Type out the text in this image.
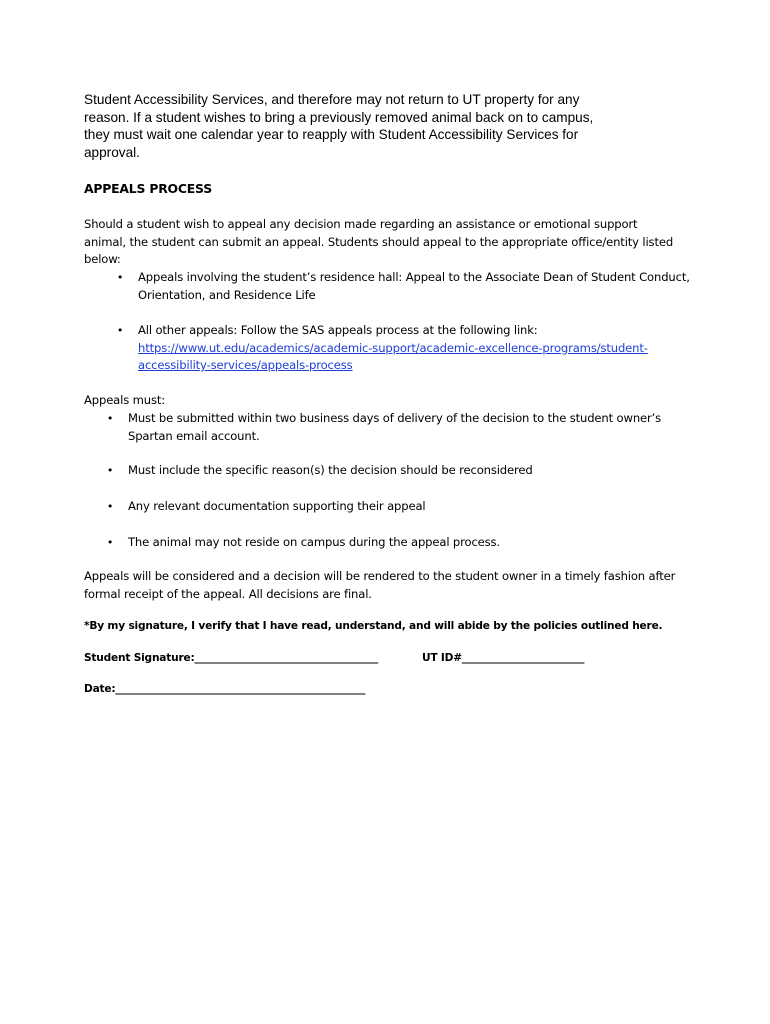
Student Accessibility Services, and therefore may not return to UT property for any
reason. If a student wishes to bring a previously removed animal back on to campus,
they must wait one calendar year to reapply with Student Accessibility Services for
approval.
APPEALS PROCESS
Should a student wish to appeal any decision made regarding an assistance or emotional support
animal, the student can submit an appeal. Students should appeal to the appropriate office/entity listed
below:
•	Appeals involving the student’s residence hall: Appeal to the Associate Dean of Student Conduct,
Orientation, and Residence Life
•	All other appeals: Follow the SAS appeals process at the following link:
https://www.ut.edu/academics/academic-support/academic-excellence-programs/student-
accessibility-services/appeals-process
Appeals must:
•	Must be submitted within two business days of delivery of the decision to the student owner’s
Spartan email account.
•	Must include the specific reason(s) the decision should be reconsidered
•	Any relevant documentation supporting their appeal
•	The animal may not reside on campus during the appeal process.
Appeals will be considered and a decision will be rendered to the student owner in a timely fashion after
formal receipt of the appeal. All decisions are final.
*By my signature, I verify that I have read, understand, and will abide by the policies outlined here.
Student Signature:____________________________________	UT ID#________________________
Date:_________________________________________________
